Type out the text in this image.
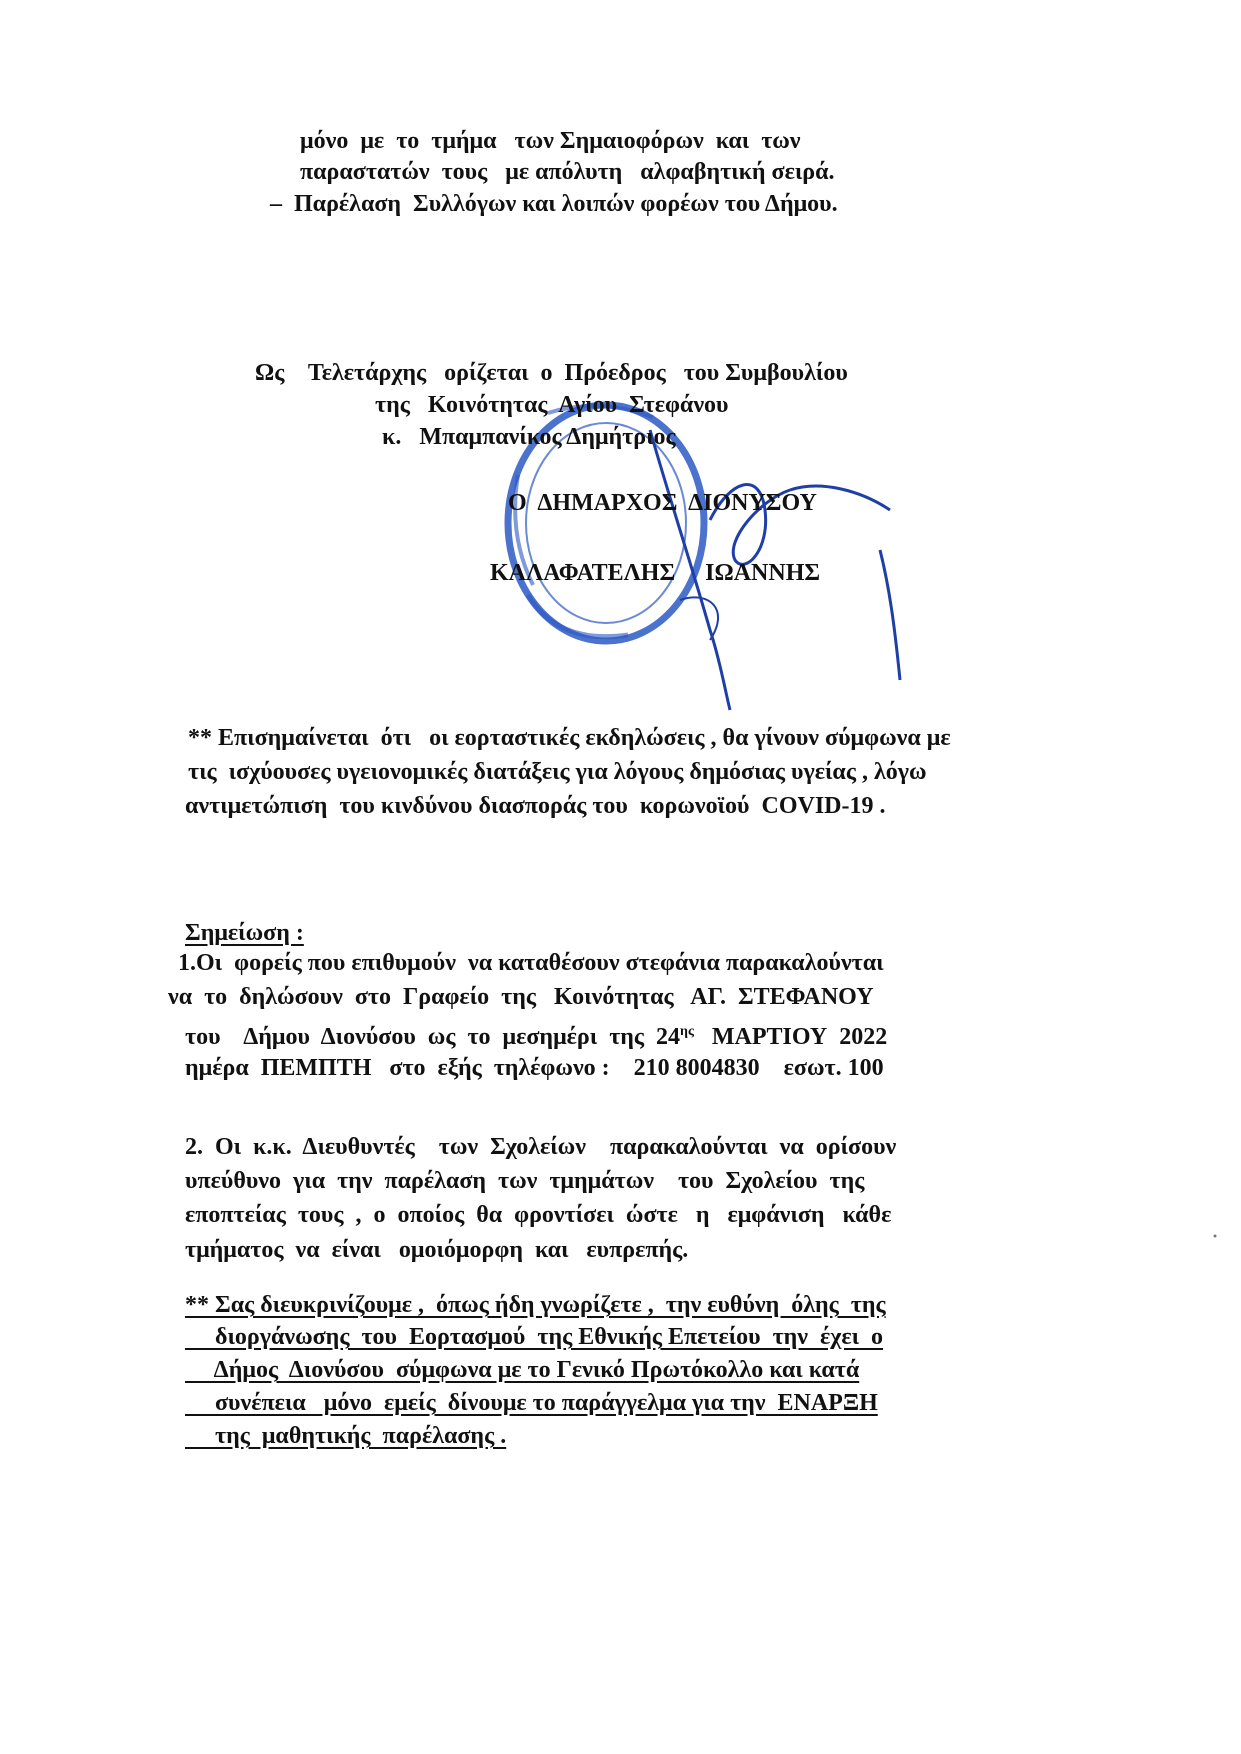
μόνο  με  το  τμήμα   των Σημαιοφόρων  και  των
παραστατών  τους   με απόλυτη   αλφαβητική σειρά.
–  Παρέλαση  Συλλόγων και λοιπών φορέων του Δήμου.
Ως    Τελετάρχης   ορίζεται  ο  Πρόεδρος   του Συμβουλίου
της   Κοινότητας  Αγίου  Στεφάνου
κ.   Μπαμπανίκος Δημήτριος
Ο  ΔΗΜΑΡΧΟΣ  ΔΙΟΝΥΣΟΥ
ΚΑΛΑΦΑΤΕΛΗΣ     ΙΩΑΝΝΗΣ
** Επισημαίνεται  ότι   οι εορταστικές εκδηλώσεις , θα γίνουν σύμφωνα με
τις  ισχύουσες υγειονομικές διατάξεις για λόγους δημόσιας υγείας , λόγω
αντιμετώπιση  του κινδύνου διασποράς του  κορωνοϊού  COVID-19 .
Σημείωση :
1.Οι  φορείς που επιθυμούν  να καταθέσουν στεφάνια παρακαλούνται
να  το  δηλώσουν  στο  Γραφείο  της   Κοινότητας   ΑΓ.  ΣΤΕΦΑΝΟΥ
του    Δήμου  Διονύσου  ως  το  μεσημέρι  της  $24^{\eta\varsigma}$   ΜΑΡΤΙΟΥ  2022
ημέρα  ΠΕΜΠΤΗ   στο  εξής  τηλέφωνο :    210 8004830    εσωτ. 100
2.  Οι  κ.κ.  Διευθυντές    των  Σχολείων    παρακαλούνται  να  ορίσουν
υπεύθυνο  για  την  παρέλαση  των  τμημάτων    του  Σχολείου  της
εποπτείας  τους  ,  ο  οποίος  θα  φροντίσει  ώστε   η   εμφάνιση   κάθε
τμήματος  να  είναι   ομοιόμορφη  και   ευπρεπής.
** Σας διευκρινίζουμε ,  όπως ήδη γνωρίζετε ,  την ευθύνη  όλης  της
διοργάνωσης  του  Εορτασμού  της Εθνικής Επετείου  την  έχει  ο
Δήμος  Διονύσου  σύμφωνα με το Γενικό Πρωτόκολλο και κατά
συνέπεια   μόνο  εμείς  δίνουμε το παράγγελμα για την  ΕΝΑΡΞΗ
της  μαθητικής  παρέλασης .
